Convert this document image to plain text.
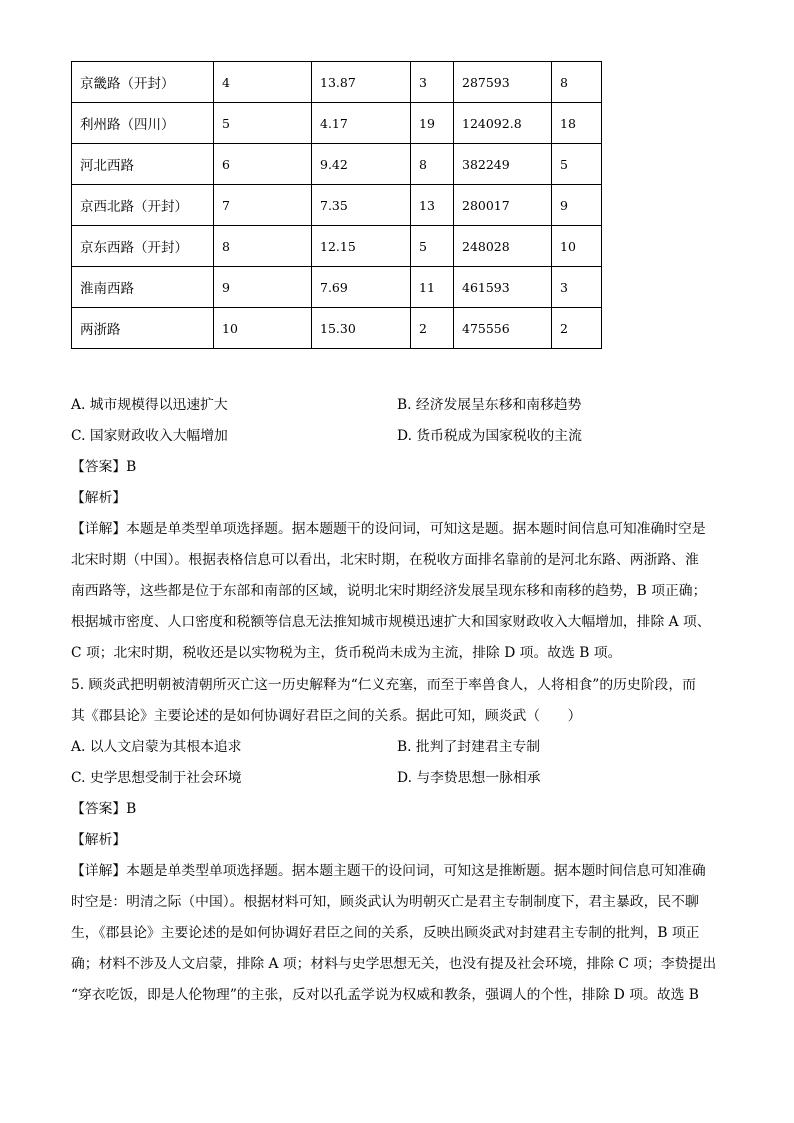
京畿路（开封）	4	13.87	3	287593	8
利州路（四川）	5	4.17	19	124092.8	18
河北西路	6	9.42	8	382249	5
京西北路（开封）	7	7.35	13	280017	9
京东西路（开封）	8	12.15	5	248028	10
淮南西路	9	7.69	11	461593	3
两浙路	10	15.30	2	475556	2
A. 城市规模得以迅速扩大	B. 经济发展呈东移和南移趋势
C. 国家财政收入大幅增加	D. 货币税成为国家税收的主流
【答案】B
【解析】
【详解】本题是单类型单项选择题。据本题题干的设问词，可知这是题。据本题时间信息可知准确时空是
北宋时期（中国）。根据表格信息可以看出，北宋时期，在税收方面排名靠前的是河北东路、两浙路、淮
南西路等，这些都是位于东部和南部的区域，说明北宋时期经济发展呈现东移和南移的趋势，B 项正确；
根据城市密度、人口密度和税额等信息无法推知城市规模迅速扩大和国家财政收入大幅增加，排除 A 项、
C 项；北宋时期，税收还是以实物税为主，货币税尚未成为主流，排除 D 项。故选 B 项。
5. 顾炎武把明朝被清朝所灭亡这一历史解释为“仁义充塞，而至于率兽食人，人将相食”的历史阶段，而
其《郡县论》主要论述的是如何协调好君臣之间的关系。据此可知，顾炎武（　　）
A. 以人文启蒙为其根本追求	B. 批判了封建君主专制
C. 史学思想受制于社会环境	D. 与李贽思想一脉相承
【答案】B
【解析】
【详解】本题是单类型单项选择题。据本题主题干的设问词，可知这是推断题。据本题时间信息可知准确
时空是：明清之际（中国）。根据材料可知，顾炎武认为明朝灭亡是君主专制制度下，君主暴政，民不聊
生，《郡县论》主要论述的是如何协调好君臣之间的关系，反映出顾炎武对封建君主专制的批判，B 项正
确；材料不涉及人文启蒙，排除 A 项；材料与史学思想无关，也没有提及社会环境，排除 C 项；李贽提出
“穿衣吃饭，即是人伦物理”的主张，反对以孔孟学说为权威和教条，强调人的个性，排除 D 项。故选 B
